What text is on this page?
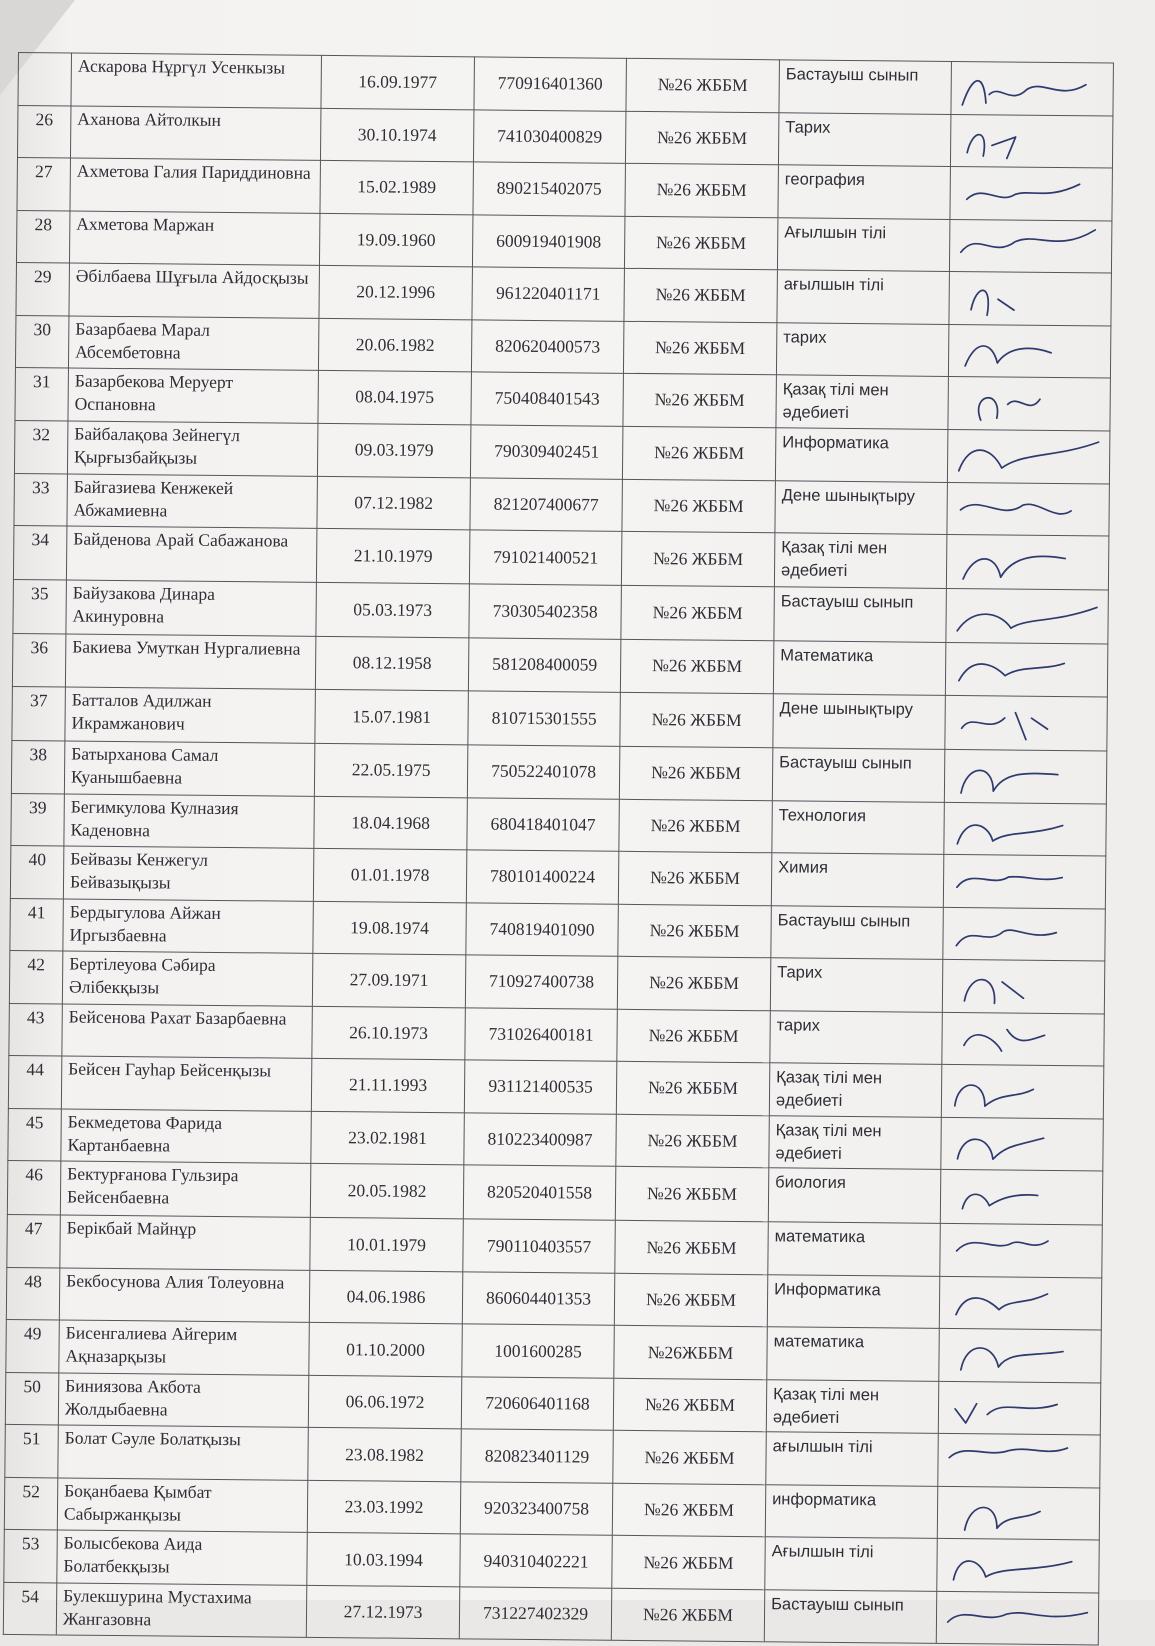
	Аскарова Нұргүл Усенкызы	16.09.1977	770916401360	№26 ЖББМ	Бастауыш сынып	

26	Аханова Айтолкын	30.10.1974	741030400829	№26 ЖББМ	Тарих	

27	Ахметова Галия Париддиновна	15.02.1989	890215402075	№26 ЖББМ	география	

28	Ахметова Маржан	19.09.1960	600919401908	№26 ЖББМ	Ағылшын тілі	

29	Әбілбаева Шұғыла Айдосқызы	20.12.1996	961220401171	№26 ЖББМ	ағылшын тілі	

30	Базарбаева Марал Абсембетовна	20.06.1982	820620400573	№26 ЖББМ	тарих	

31	Базарбекова Меруерт Оспановна	08.04.1975	750408401543	№26 ЖББМ	Қазақ тілі мен әдебиеті	

32	Байбалақова Зейнегүл Қырғызбайқызы	09.03.1979	790309402451	№26 ЖББМ	Информатика	

33	Байгазиева Кенжекей Абжамиевна	07.12.1982	821207400677	№26 ЖББМ	Дене шынықтыру	

34	Байденова Арай Сабажанова	21.10.1979	791021400521	№26 ЖББМ	Қазақ тілі мен әдебиеті	

35	Байузакова Динара Акинуровна	05.03.1973	730305402358	№26 ЖББМ	Бастауыш сынып	

36	Бакиева Умуткан Нургалиевна	08.12.1958	581208400059	№26 ЖББМ	Математика	

37	Батталов Адилжан Икрамжанович	15.07.1981	810715301555	№26 ЖББМ	Дене шынықтыру	

38	Батырханова Самал Куанышбаевна	22.05.1975	750522401078	№26 ЖББМ	Бастауыш сынып	

39	Бегимкулова Кулназия Каденовна	18.04.1968	680418401047	№26 ЖББМ	Технология	

40	Бейвазы Кенжегул Бейвазықызы	01.01.1978	780101400224	№26 ЖББМ	Химия	

41	Бердыгулова Айжан Иргызбаевна	19.08.1974	740819401090	№26 ЖББМ	Бастауыш сынып	

42	Бертілеуова Сәбира Әлібекқызы	27.09.1971	710927400738	№26 ЖББМ	Тарих	

43	Бейсенова Рахат Базарбаевна	26.10.1973	731026400181	№26 ЖББМ	тарих	

44	Бейсен Гауһар Бейсенқызы	21.11.1993	931121400535	№26 ЖББМ	Қазақ тілі мен әдебиеті	

45	Бекмедетова Фарида Картанбаевна	23.02.1981	810223400987	№26 ЖББМ	Қазақ тілі мен әдебиеті	

46	Бектурғанова Гульзира Бейсенбаевна	20.05.1982	820520401558	№26 ЖББМ	биология	

47	Берікбай Майнұр	10.01.1979	790110403557	№26 ЖББМ	математика	

48	Бекбосунова Алия Толеуовна	04.06.1986	860604401353	№26 ЖББМ	Информатика	

49	Бисенгалиева Айгерим Ақназарқызы	01.10.2000	1001600285	№26ЖББМ	математика	

50	Биниязова Акбота Жолдыбаевна	06.06.1972	720606401168	№26 ЖББМ	Қазақ тілі мен әдебиеті	

51	Болат Сәуле Болатқызы	23.08.1982	820823401129	№26 ЖББМ	ағылшын тілі	

52	Боқанбаева Қымбат Сабыржанқызы	23.03.1992	920323400758	№26 ЖББМ	информатика	

53	Болысбекова Аида Болатбекқызы	10.03.1994	940310402221	№26 ЖББМ	Ағылшын тілі	

54	Булекшурина Мустахима Жангазовна	27.12.1973	731227402329	№26 ЖББМ	Бастауыш сынып	
